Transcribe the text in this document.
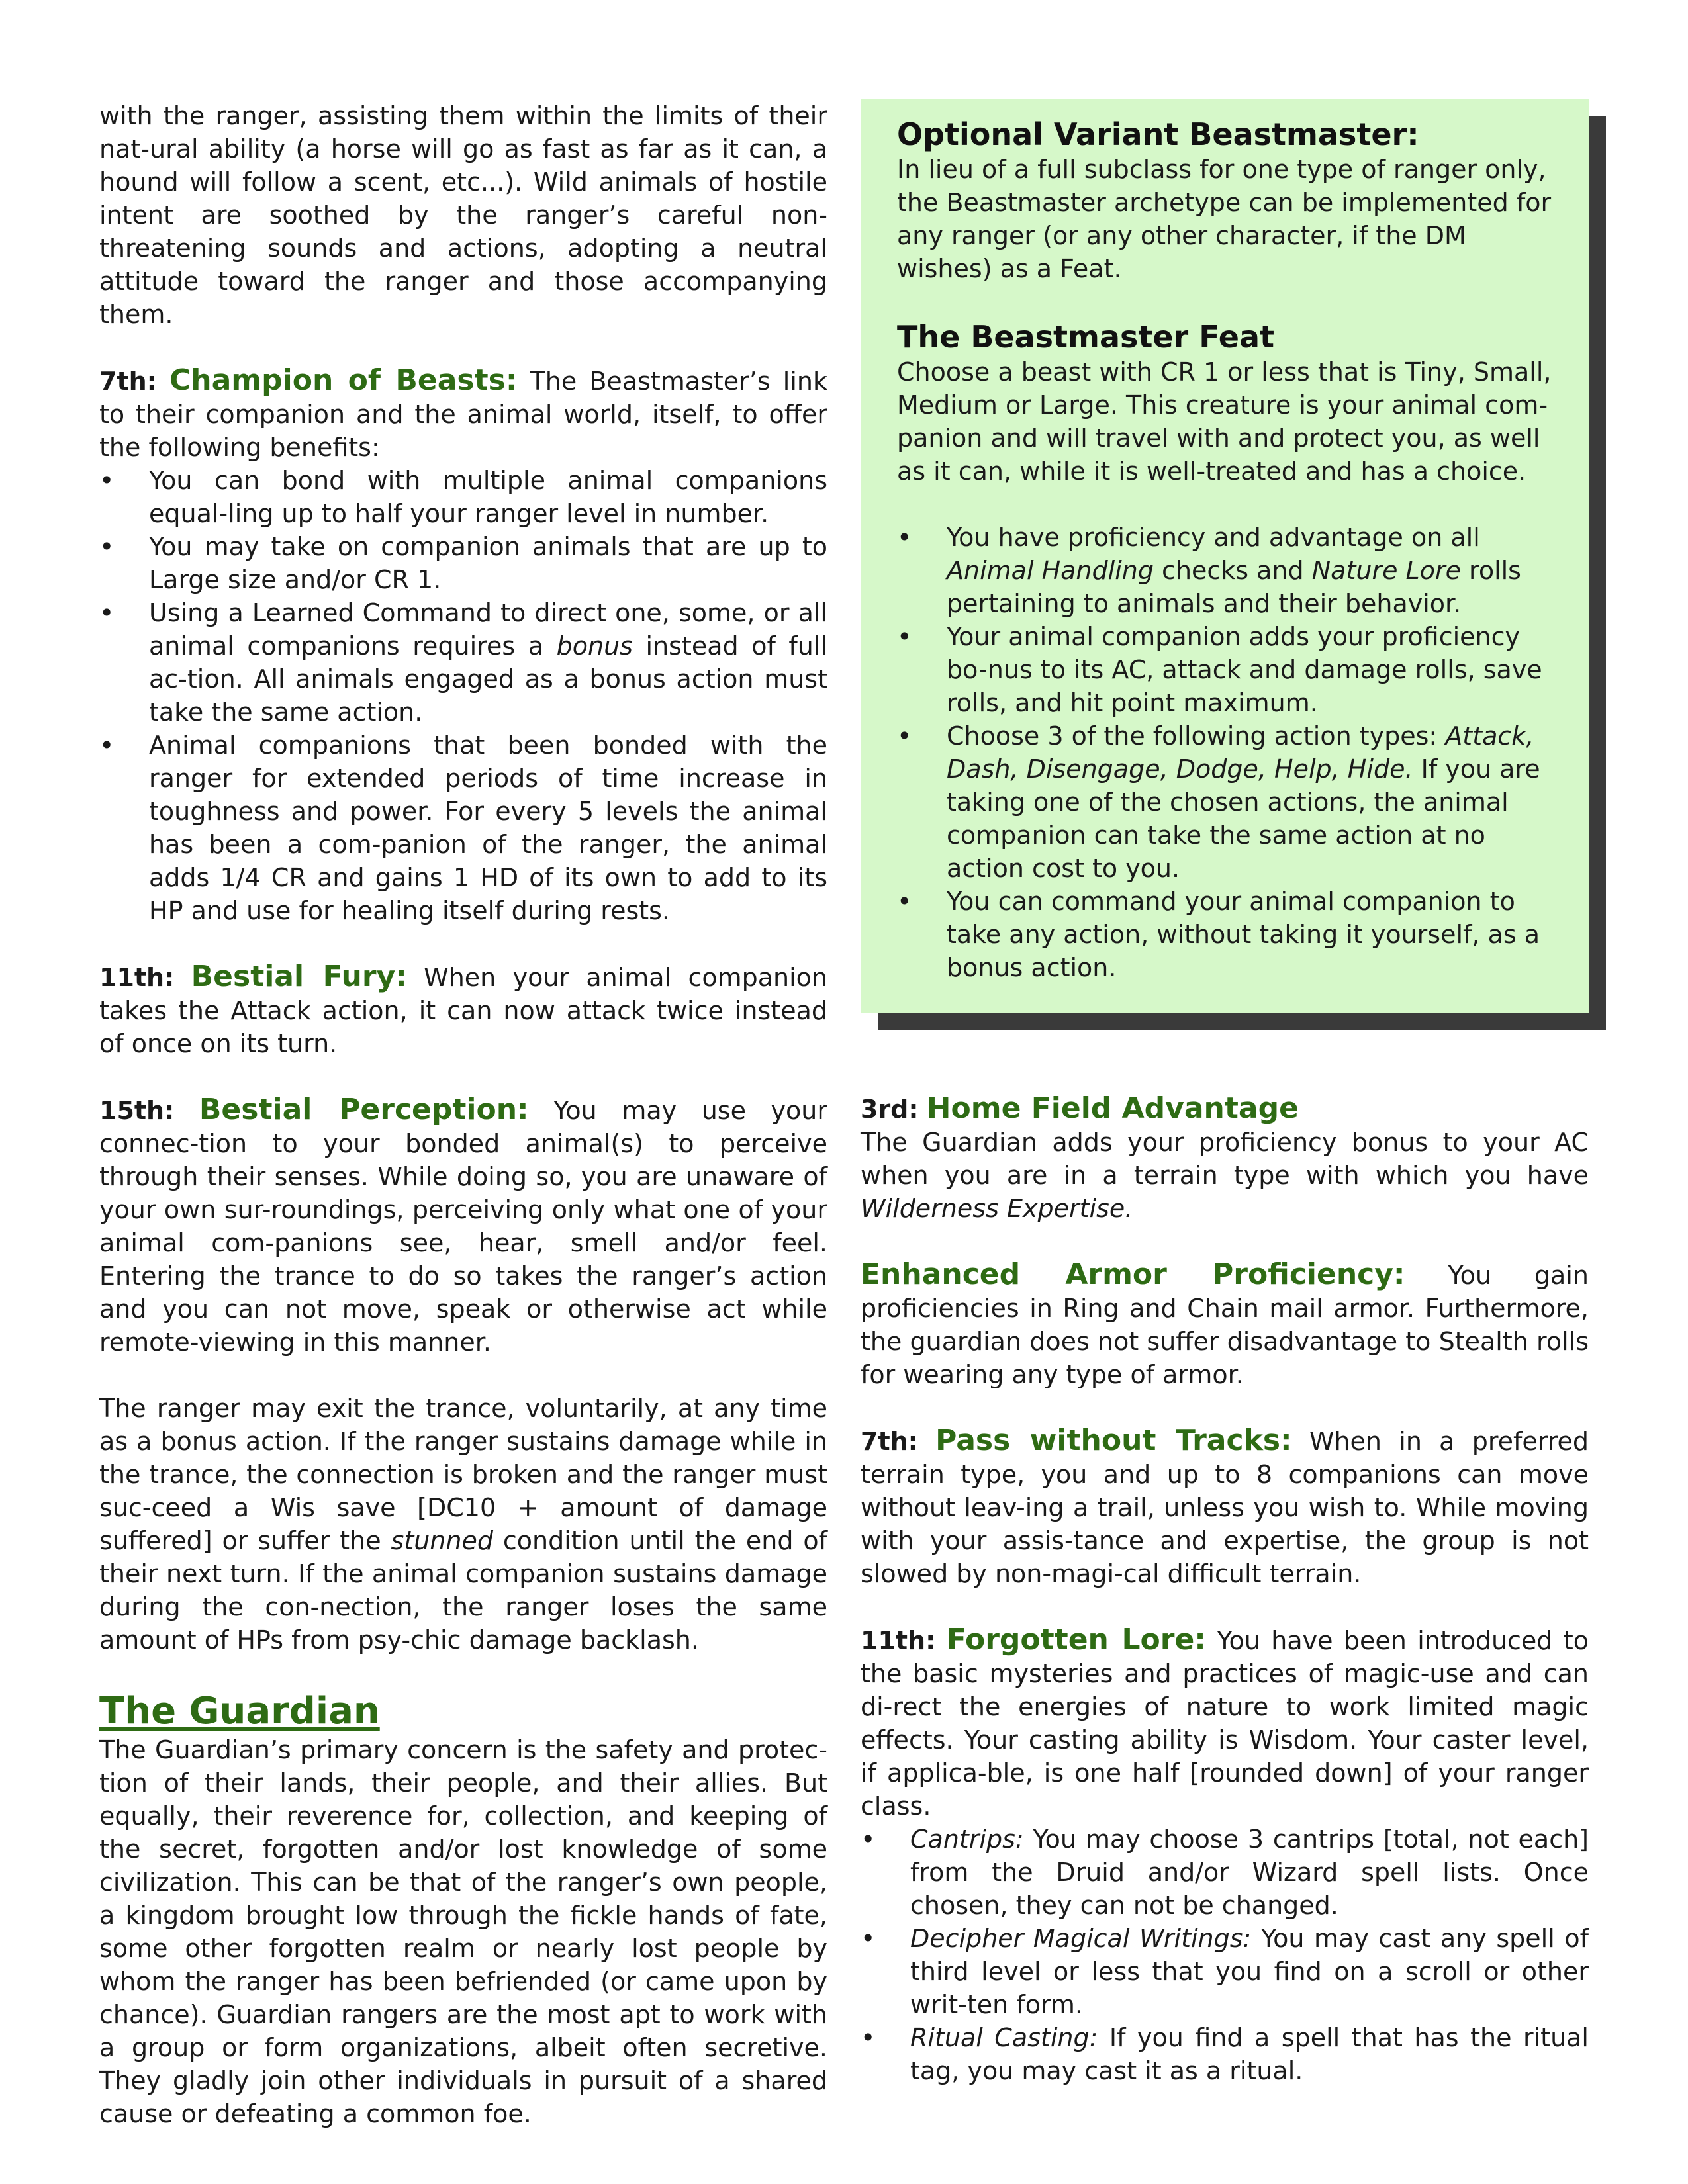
with the ranger, assisting them within the limits of their nat-ural ability (a horse will go as fast as far as it can, a hound will follow a scent, etc...). Wild animals of hostile intent are soothed by the ranger’s careful non-threatening sounds and actions, adopting a neutral attitude toward the ranger and those accompanying them.

7th: Champion of Beasts: The Beastmaster’s link to their companion and the animal world, itself, to offer the following benefits:

• You can bond with multiple animal companions equal-ling up to half your ranger level in number.
• You may take on companion animals that are up to Large size and/or CR 1.
• Using a Learned Command to direct one, some, or all animal companions requires a bonus instead of full ac-tion. All animals engaged as a bonus action must take the same action.
• Animal companions that been bonded with the ranger for extended periods of time increase in toughness and power. For every 5 levels the animal has been a com-panion of the ranger, the animal adds 1/4 CR and gains 1 HD of its own to add to its HP and use for healing itself during rests.

11th: Bestial Fury: When your animal companion takes the Attack action, it can now attack twice instead of once on its turn.

15th: Bestial Perception: You may use your connec-tion to your bonded animal(s) to perceive through their senses. While doing so, you are unaware of your own sur-roundings, perceiving only what one of your animal com-panions see, hear, smell and/or feel. Entering the trance to do so takes the ranger’s action and you can not move, speak or otherwise act while remote-viewing in this manner.

The ranger may exit the trance, voluntarily, at any time as a bonus action. If the ranger sustains damage while in the trance, the connection is broken and the ranger must suc-ceed a Wis save [DC10 + amount of damage suffered] or suffer the stunned condition until the end of their next turn. If the animal companion sustains damage during the con-nection, the ranger loses the same amount of HPs from psy-chic damage backlash.

The Guardian

The Guardian’s primary concern is the safety and protec-tion of their lands, their people, and their allies. But equally, their reverence for, collection, and keeping of the secret, forgotten and/or lost knowledge of some civilization. This can be that of the ranger’s own people, a kingdom brought low through the fickle hands of fate, some other forgotten realm or nearly lost people by whom the ranger has been befriended (or came upon by chance). Guardian rangers are the most apt to work with a group or form organizations, albeit often secretive. They gladly join other individuals in pursuit of a shared cause or defeating a common foe.

Optional Variant Beastmaster:

In lieu of a full subclass for one type of ranger only, the Beastmaster archetype can be implemented for any ranger (or any other character, if the DM wishes) as a Feat.

The Beastmaster Feat

Choose a beast with CR 1 or less that is Tiny, Small, Medium or Large. This creature is your animal com-panion and will travel with and protect you, as well as it can, while it is well-treated and has a choice.

• You have proficiency and advantage on all Animal Handling checks and Nature Lore rolls pertaining to animals and their behavior.
• Your animal companion adds your proficiency bo-nus to its AC, attack and damage rolls, save rolls, and hit point maximum.
• Choose 3 of the following action types: Attack, Dash, Disengage, Dodge, Help, Hide. If you are taking one of the chosen actions, the animal companion can take the same action at no action cost to you.
• You can command your animal companion to take any action, without taking it yourself, as a bonus action.

3rd: Home Field Advantage

The Guardian adds your proficiency bonus to your AC when you are in a terrain type with which you have Wilderness Expertise.

Enhanced Armor Proficiency: You gain proficiencies in Ring and Chain mail armor. Furthermore, the guardian does not suffer disadvantage to Stealth rolls for wearing any type of armor.

7th: Pass without Tracks: When in a preferred terrain type, you and up to 8 companions can move without leav-ing a trail, unless you wish to. While moving with your assis-tance and expertise, the group is not slowed by non-magi-cal difficult terrain.

11th: Forgotten Lore: You have been introduced to the basic mysteries and practices of magic-use and can di-rect the energies of nature to work limited magic effects. Your casting ability is Wisdom. Your caster level, if applica-ble, is one half [rounded down] of your ranger class.

• Cantrips: You may choose 3 cantrips [total, not each] from the Druid and/or Wizard spell lists. Once chosen, they can not be changed.
• Decipher Magical Writings: You may cast any spell of third level or less that you find on a scroll or other writ-ten form.
• Ritual Casting: If you find a spell that has the ritual tag, you may cast it as a ritual.
